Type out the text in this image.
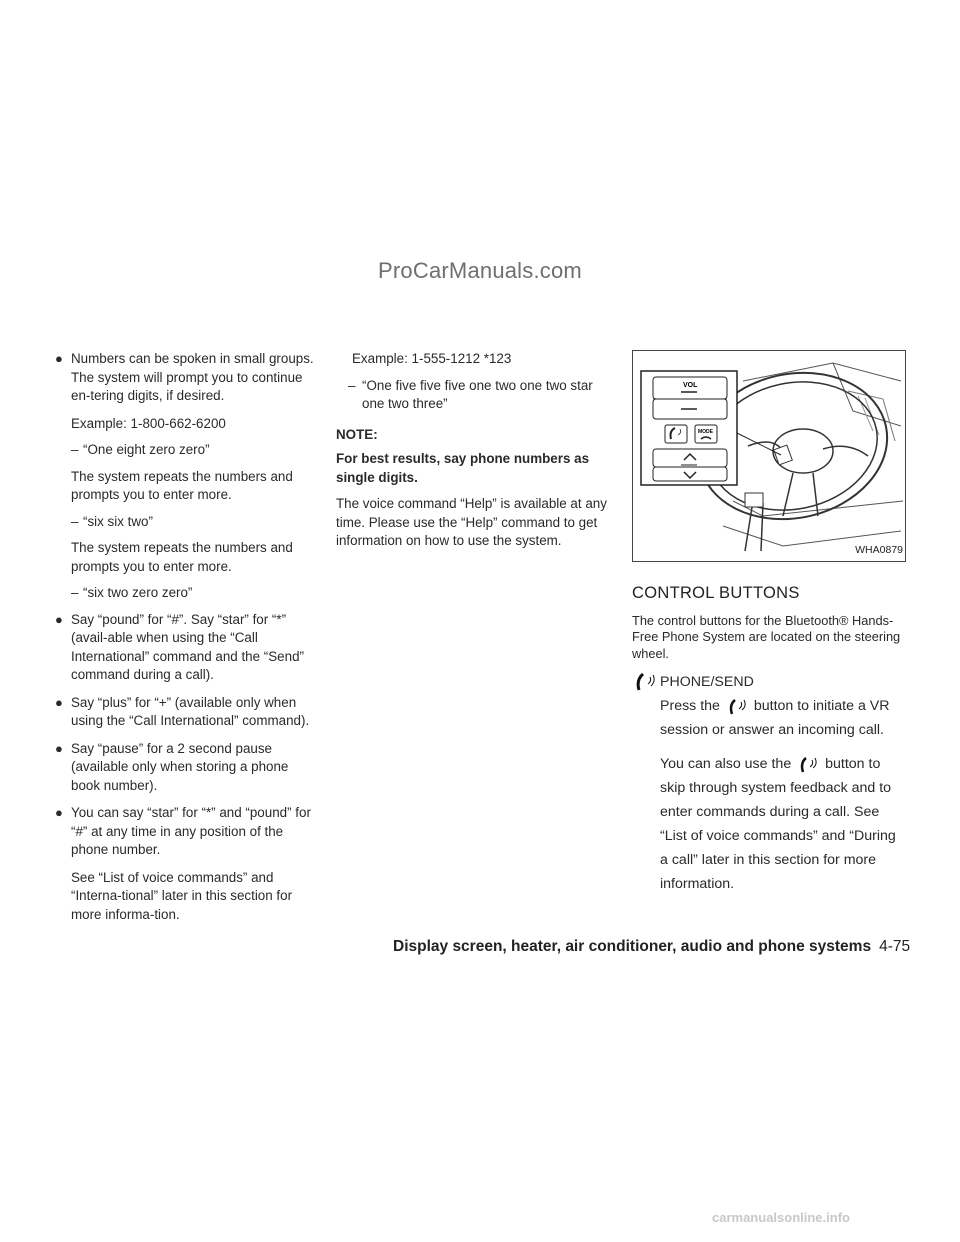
ProCarManuals.com
● Numbers can be spoken in small groups. The system will prompt you to continue en-tering digits, if desired.

Example: 1-800-662-6200

– “One eight zero zero”

The system repeats the numbers and prompts you to enter more.

– “six six two”

The system repeats the numbers and prompts you to enter more.

– “six two zero zero”

● Say “pound” for “#”. Say “star” for “*” (avail-able when using the “Call International” command and the “Send” command during a call).
● Say “plus” for “+” (available only when using the “Call International” command).
● Say “pause” for a 2 second pause (available only when storing a phone book number).
● You can say “star” for “*” and “pound” for “#” at any time in any position of the phone number.

See “List of voice commands” and “Interna-tional” later in this section for more informa-tion.

Example: 1-555-1212 *123

– “One five five five one two one two star one two three”

NOTE:
For best results, say phone numbers as single digits.

The voice command “Help” is available at any time. Please use the “Help” command to get information on how to use the system.

VOL
MODE
WHA0879
CONTROL BUTTONS

The control buttons for the Bluetooth® Hands-Free Phone System are located on the steering wheel.

PHONE/SEND

Press the button to initiate a VR session or answer an incoming call.

You can also use the button to skip through system feedback and to enter commands during a call. See “List of voice commands” and “During a call” later in this section for more information.

Display screen, heater, air conditioner, audio and phone systems 4-75
carmanualsonline.info
